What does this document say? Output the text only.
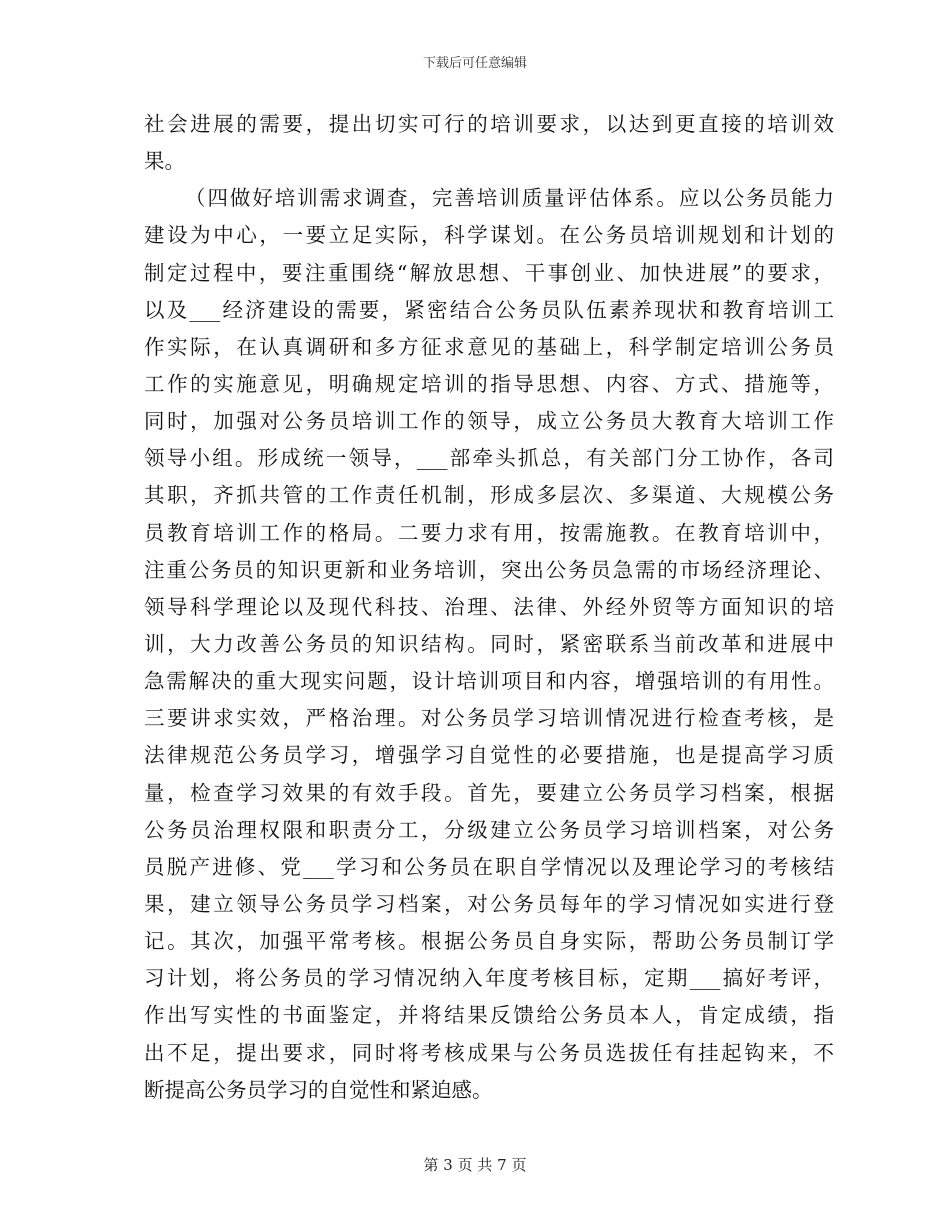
下载后可任意编辑
社会进展的需要，提出切实可行的培训要求，以达到更直接的培训效
果。
（四做好培训需求调查，完善培训质量评估体系。应以公务员能力
建设为中心，一要立足实际，科学谋划。在公务员培训规划和计划的
制定过程中，要注重围绕“解放思想、干事创业、加快进展”的要求，
以及___经济建设的需要，紧密结合公务员队伍素养现状和教育培训工
作实际，在认真调研和多方征求意见的基础上，科学制定培训公务员
工作的实施意见，明确规定培训的指导思想、内容、方式、措施等，
同时，加强对公务员培训工作的领导，成立公务员大教育大培训工作
领导小组。形成统一领导，___部牵头抓总，有关部门分工协作，各司
其职，齐抓共管的工作责任机制，形成多层次、多渠道、大规模公务
员教育培训工作的格局。二要力求有用，按需施教。在教育培训中，
注重公务员的知识更新和业务培训，突出公务员急需的市场经济理论、
领导科学理论以及现代科技、治理、法律、外经外贸等方面知识的培
训，大力改善公务员的知识结构。同时，紧密联系当前改革和进展中
急需解决的重大现实问题，设计培训项目和内容，增强培训的有用性。
三要讲求实效，严格治理。对公务员学习培训情况进行检查考核，是
法律规范公务员学习，增强学习自觉性的必要措施，也是提高学习质
量，检查学习效果的有效手段。首先，要建立公务员学习档案，根据
公务员治理权限和职责分工，分级建立公务员学习培训档案，对公务
员脱产进修、党___学习和公务员在职自学情况以及理论学习的考核结
果，建立领导公务员学习档案，对公务员每年的学习情况如实进行登
记。其次，加强平常考核。根据公务员自身实际，帮助公务员制订学
习计划，将公务员的学习情况纳入年度考核目标，定期___搞好考评，
作出写实性的书面鉴定，并将结果反馈给公务员本人，肯定成绩，指
出不足，提出要求，同时将考核成果与公务员选拔任有挂起钩来，不
断提高公务员学习的自觉性和紧迫感。
第 3 页 共 7 页
